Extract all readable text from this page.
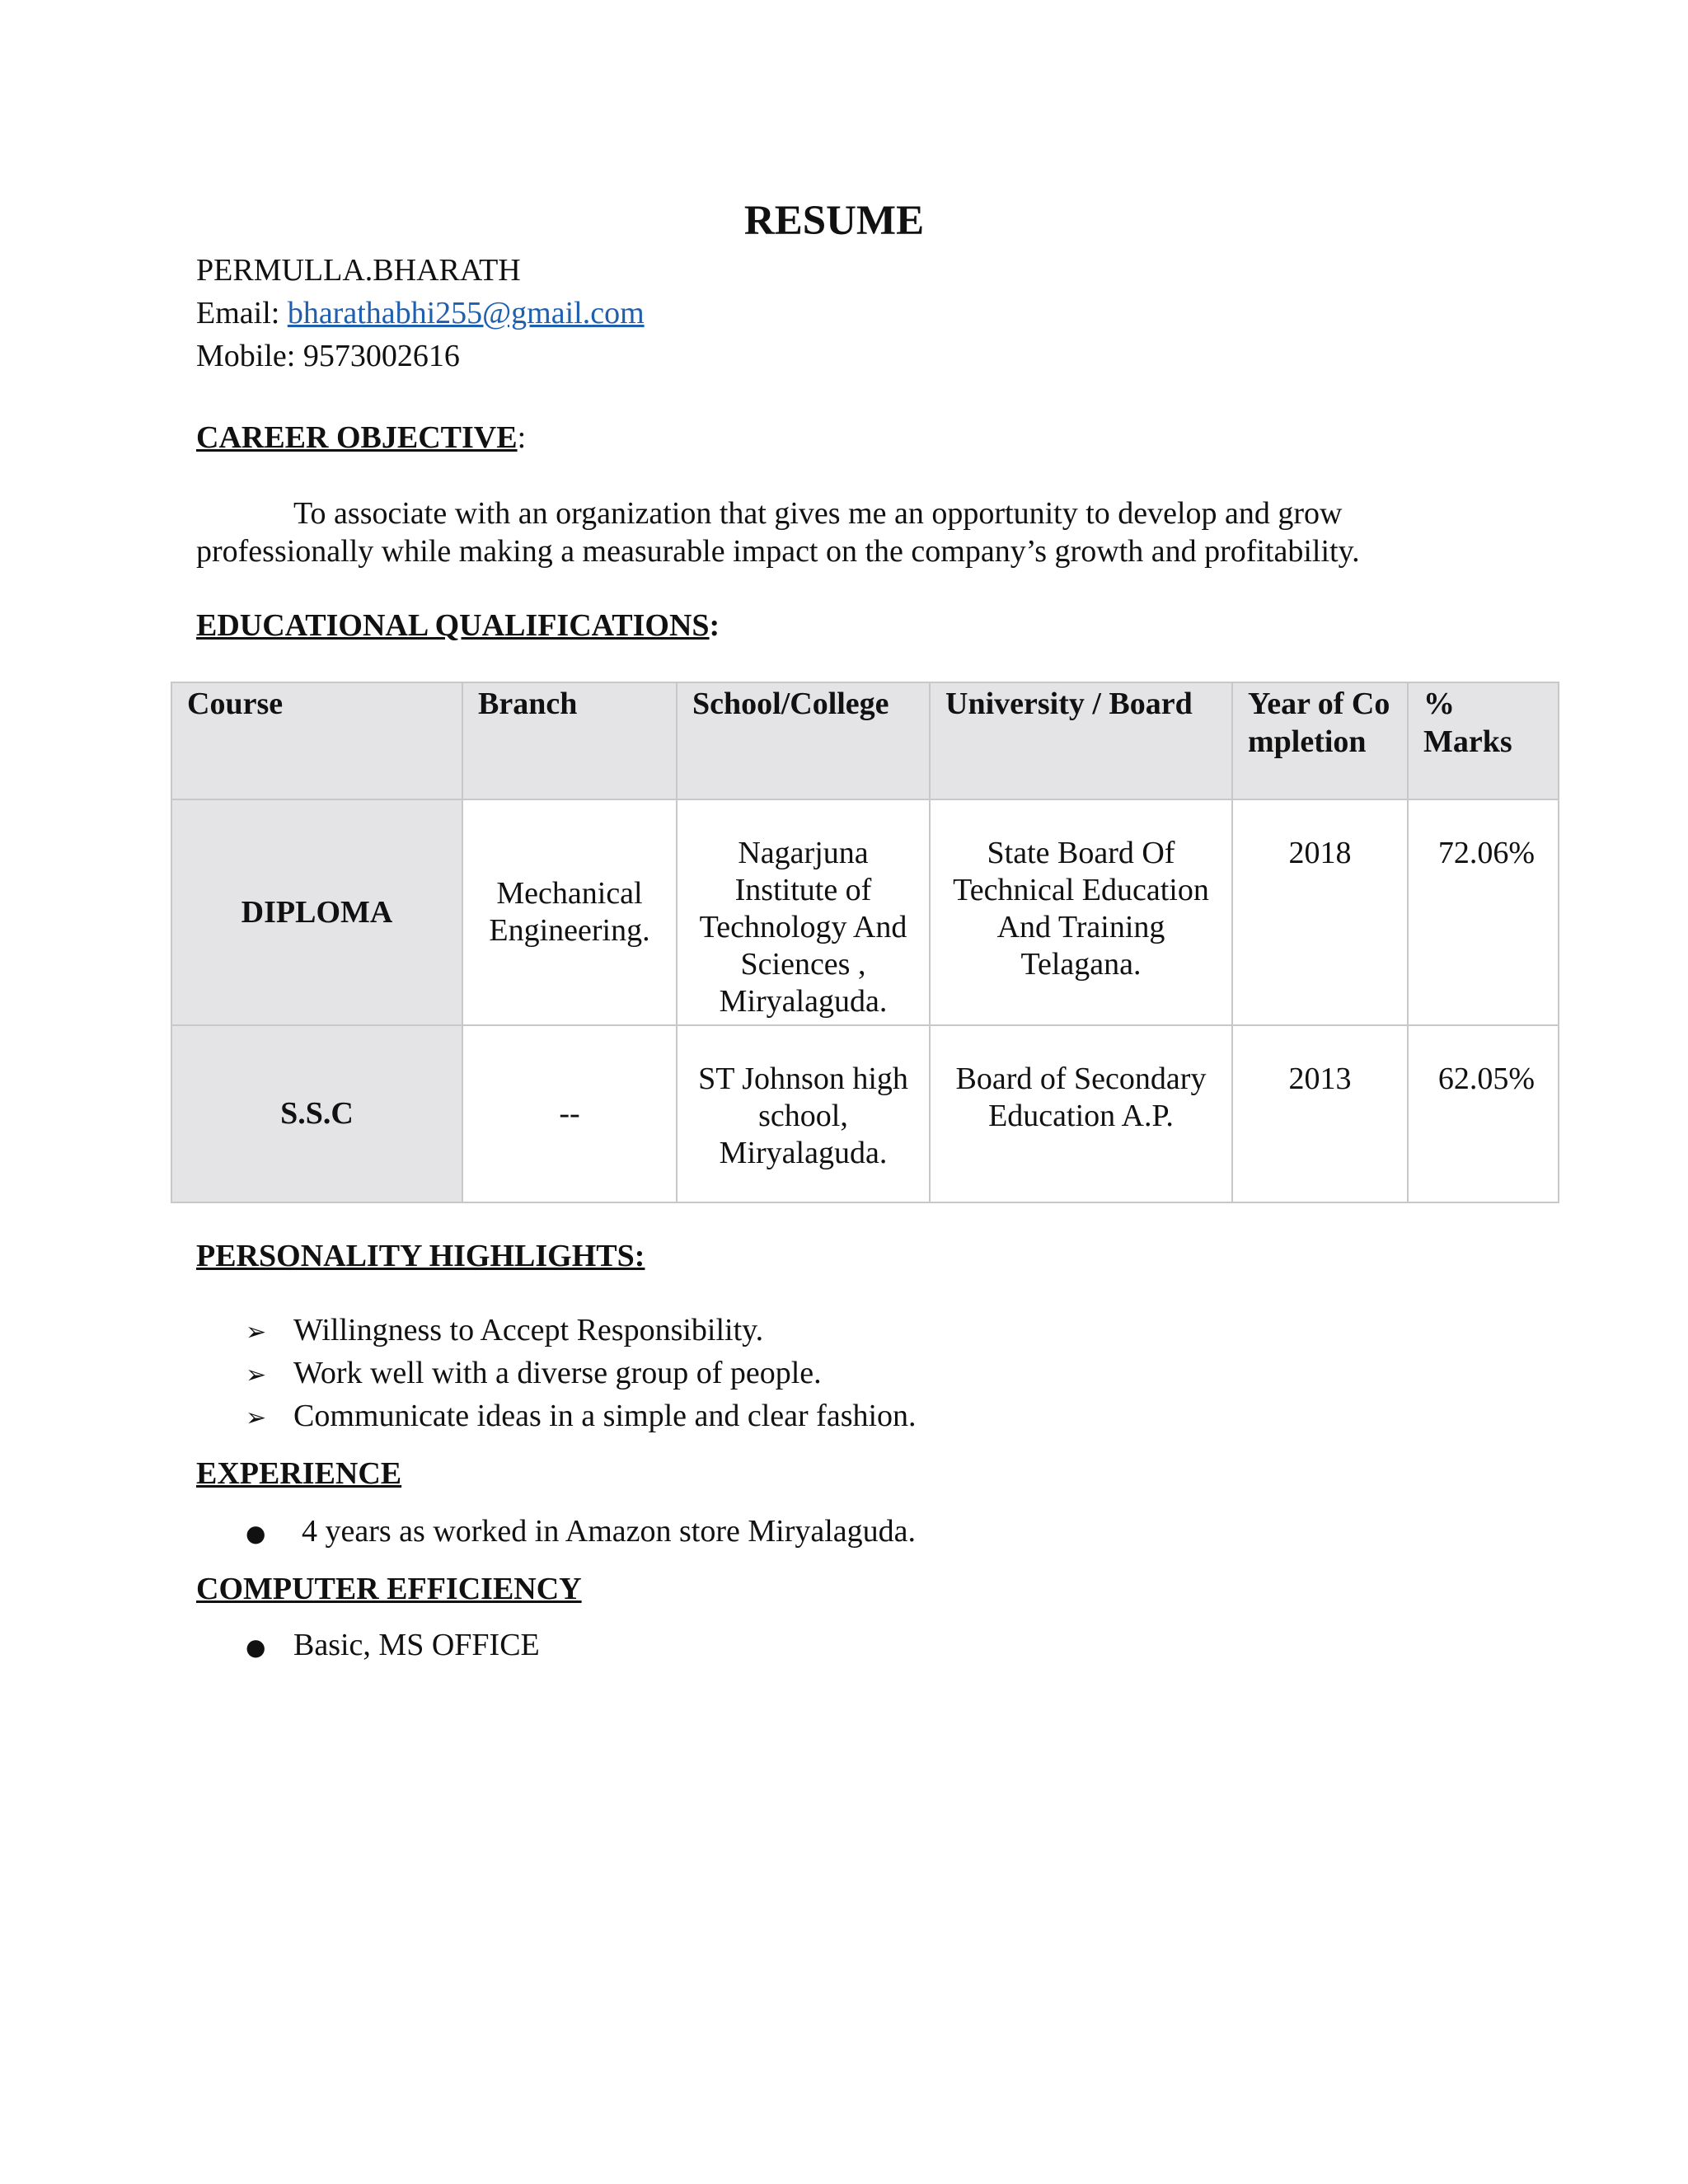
RESUME
PERMULLA.BHARATH
Email: bharathabhi255@gmail.com
Mobile: 9573002616
CAREER OBJECTIVE:
To associate with an organization that gives me an opportunity to develop and grow
professionally while making a measurable impact on the company’s growth and profitability.
EDUCATIONAL QUALIFICATIONS:
Course	Branch	School/College	University / Board	Year of Completion	% Marks
DIPLOMA	Mechanical Engineering.	Nagarjuna Institute of Technology And Sciences , Miryalaguda.	State Board Of Technical Education And Training Telagana.	2018	72.06%

S.S.C	--	ST Johnson high school, Miryalaguda.	Board of Secondary Education A.P.	2013	62.05%
PERSONALITY HIGHLIGHTS:
➢ Willingness to Accept Responsibility.
➢ Work well with a diverse group of people.
➢ Communicate ideas in a simple and clear fashion.
EXPERIENCE
● 4 years as worked in Amazon store Miryalaguda.
COMPUTER EFFICIENCY
● Basic, MS OFFICE
